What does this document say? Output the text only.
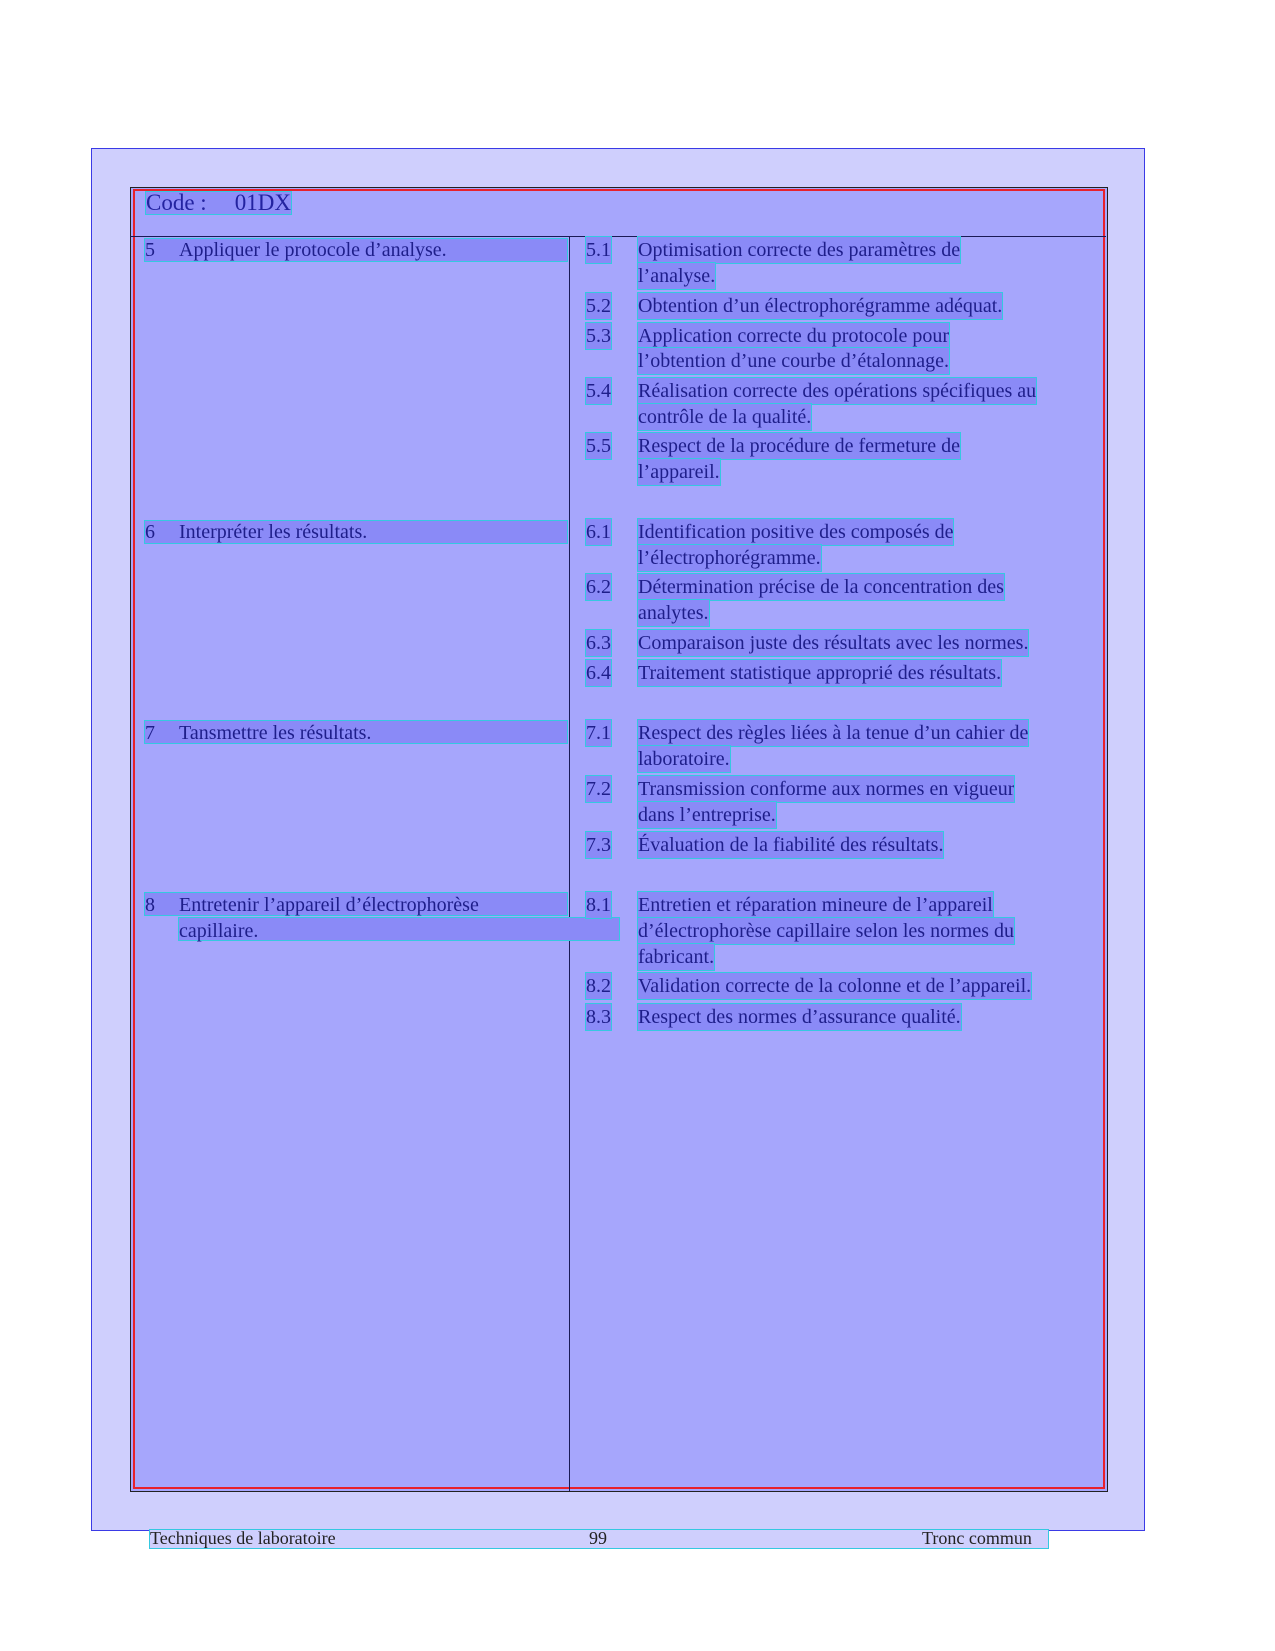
Code : 01DX
5 Appliquer le protocole d’analyse.	5.1 Optimisation correcte des paramètres de
l’analyse.
5.2 Obtention d’un électrophorégramme adéquat.
5.3 Application correcte du protocole pour
l’obtention d’une courbe d’étalonnage.
5.4 Réalisation correcte des opérations spécifiques au
contrôle de la qualité.
5.5 Respect de la procédure de fermeture de
l’appareil.
6 Interpréter les résultats.	6.1 Identification positive des composés de
l’électrophorégramme.
6.2 Détermination précise de la concentration des
analytes.
6.3 Comparaison juste des résultats avec les normes.
6.4 Traitement statistique approprié des résultats.
7 Tansmettre les résultats.	7.1 Respect des règles liées à la tenue d’un cahier de
laboratoire.
7.2 Transmission conforme aux normes en vigueur
dans l’entreprise.
7.3 Évaluation de la fiabilité des résultats.
8 Entretenir l’appareil d’électrophorèse
capillaire.
8.1 Entretien et réparation mineure de l’appareil
d’électrophorèse capillaire selon les normes du
fabricant.
8.2 Validation correcte de la colonne et de l’appareil.
8.3 Respect des normes d’assurance qualité.
Techniques de laboratoire	99	Tronc commun
